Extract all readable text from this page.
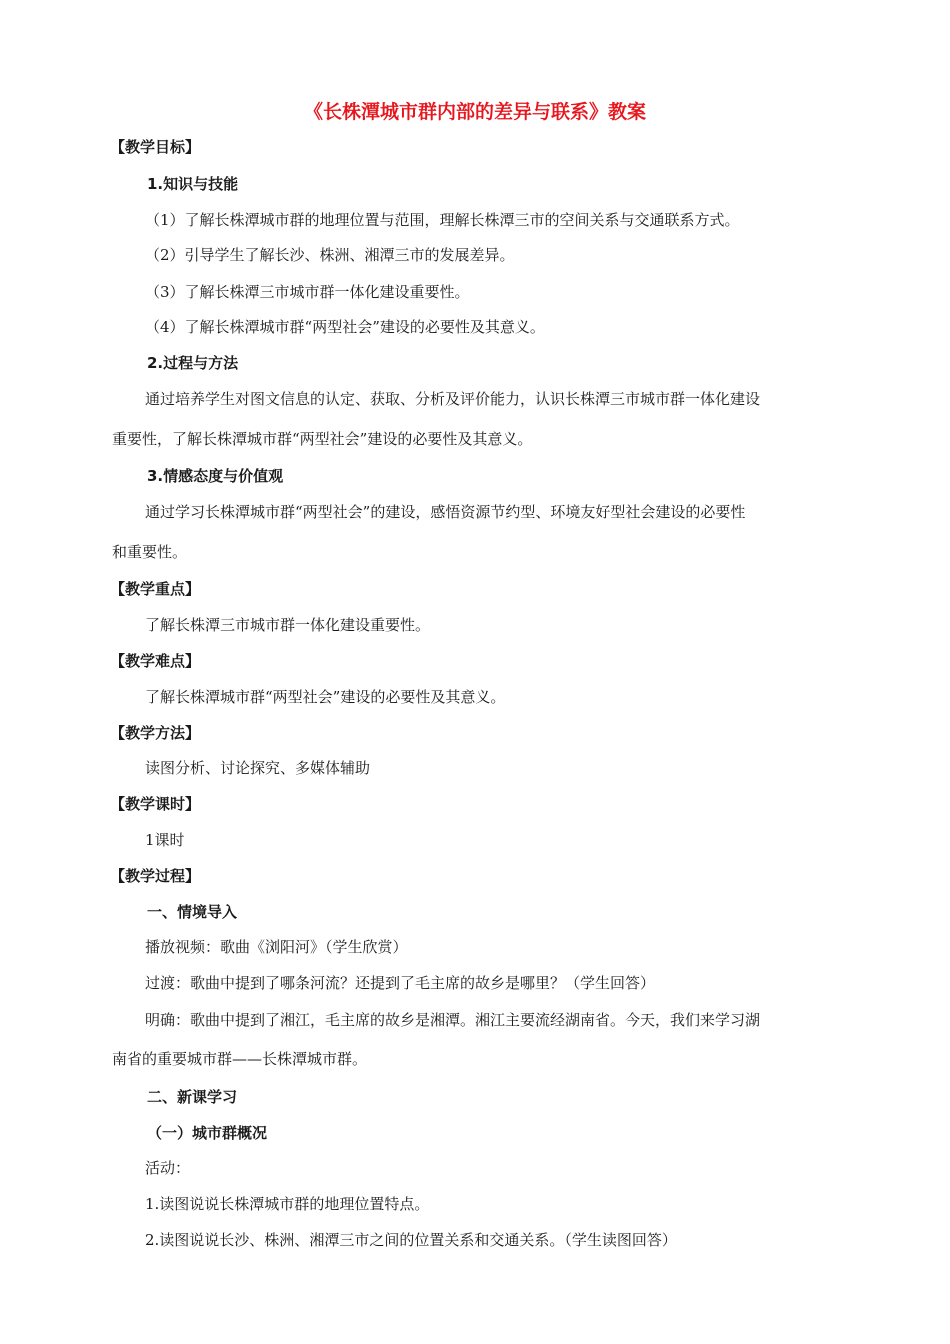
《长株潭城市群内部的差异与联系》教案
【教学目标】
1.知识与技能
（1）了解长株潭城市群的地理位置与范围，理解长株潭三市的空间关系与交通联系方式。
（2）引导学生了解长沙、株洲、湘潭三市的发展差异。
（3）了解长株潭三市城市群一体化建设重要性。
（4）了解长株潭城市群“两型社会”建设的必要性及其意义。
2.过程与方法
通过培养学生对图文信息的认定、获取、分析及评价能力，认识长株潭三市城市群一体化建设
重要性，了解长株潭城市群“两型社会”建设的必要性及其意义。
3.情感态度与价值观
通过学习长株潭城市群“两型社会”的建设，感悟资源节约型、环境友好型社会建设的必要性
和重要性。
【教学重点】
了解长株潭三市城市群一体化建设重要性。
【教学难点】
了解长株潭城市群“两型社会”建设的必要性及其意义。
【教学方法】
读图分析、讨论探究、多媒体辅助
【教学课时】
1课时
【教学过程】
一、情境导入
播放视频：歌曲《浏阳河》（学生欣赏）
过渡：歌曲中提到了哪条河流？还提到了毛主席的故乡是哪里？（学生回答）
明确：歌曲中提到了湘江，毛主席的故乡是湘潭。湘江主要流经湖南省。今天，我们来学习湖
南省的重要城市群——长株潭城市群。
二、新课学习
（一）城市群概况
活动：
1.读图说说长株潭城市群的地理位置特点。
2.读图说说长沙、株洲、湘潭三市之间的位置关系和交通关系。（学生读图回答）
